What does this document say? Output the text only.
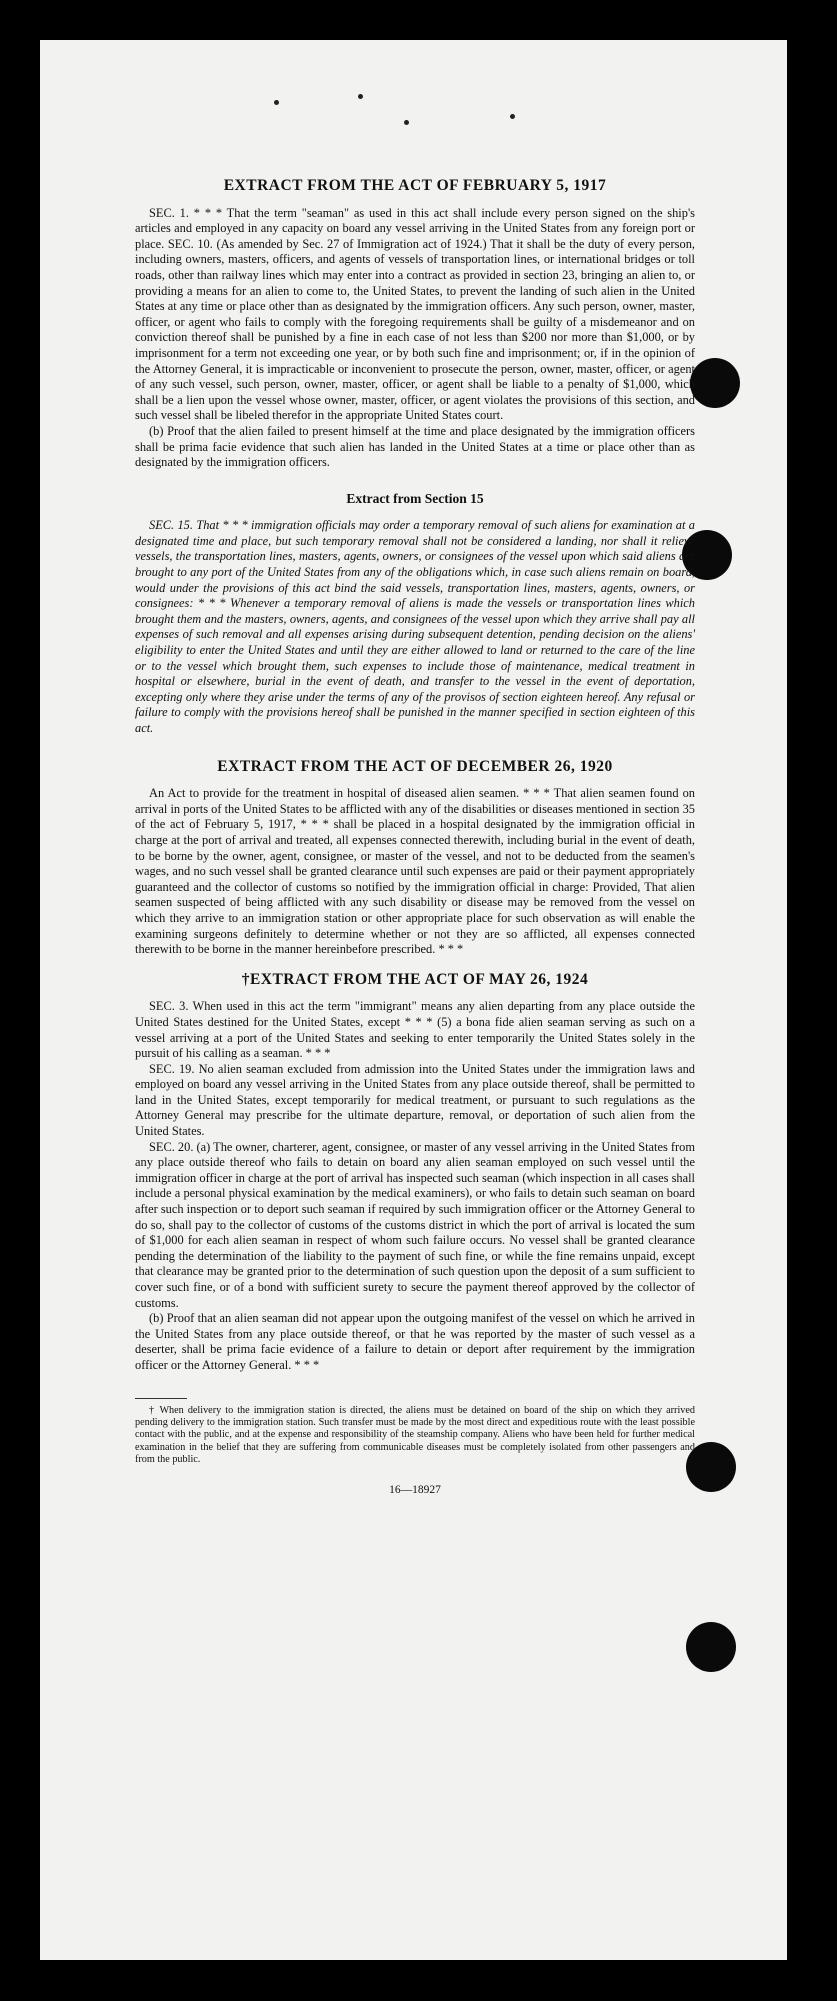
EXTRACT FROM THE ACT OF FEBRUARY 5, 1917

SEC. 1. * * * That the term "seaman" as used in this act shall include every person signed on the ship's articles and employed in any capacity on board any vessel arriving in the United States from any foreign port or place. SEC. 10. (As amended by Sec. 27 of Immigration act of 1924.) That it shall be the duty of every person, including owners, masters, officers, and agents of vessels of transportation lines, or international bridges or toll roads, other than railway lines which may enter into a contract as provided in section 23, bringing an alien to, or providing a means for an alien to come to, the United States, to prevent the landing of such alien in the United States at any time or place other than as designated by the immigration officers. Any such person, owner, master, officer, or agent who fails to comply with the foregoing requirements shall be guilty of a misdemeanor and on conviction thereof shall be punished by a fine in each case of not less than $200 nor more than $1,000, or by imprisonment for a term not exceeding one year, or by both such fine and imprisonment; or, if in the opinion of the Attorney General, it is impracticable or inconvenient to prosecute the person, owner, master, officer, or agent of any such vessel, such person, owner, master, officer, or agent shall be liable to a penalty of $1,000, which shall be a lien upon the vessel whose owner, master, officer, or agent violates the provisions of this section, and such vessel shall be libeled therefor in the appropriate United States court.

(b) Proof that the alien failed to present himself at the time and place designated by the immigration officers shall be prima facie evidence that such alien has landed in the United States at a time or place other than as designated by the immigration officers.

Extract from Section 15

SEC. 15. That * * * immigration officials may order a temporary removal of such aliens for examination at a designated time and place, but such temporary removal shall not be considered a landing, nor shall it relieve vessels, the transportation lines, masters, agents, owners, or consignees of the vessel upon which said aliens are brought to any port of the United States from any of the obligations which, in case such aliens remain on board, would under the provisions of this act bind the said vessels, transportation lines, masters, agents, owners, or consignees: * * * Whenever a temporary removal of aliens is made the vessels or transportation lines which brought them and the masters, owners, agents, and consignees of the vessel upon which they arrive shall pay all expenses of such removal and all expenses arising during subsequent detention, pending decision on the aliens' eligibility to enter the United States and until they are either allowed to land or returned to the care of the line or to the vessel which brought them, such expenses to include those of maintenance, medical treatment in hospital or elsewhere, burial in the event of death, and transfer to the vessel in the event of deportation, excepting only where they arise under the terms of any of the provisos of section eighteen hereof. Any refusal or failure to comply with the provisions hereof shall be punished in the manner specified in section eighteen of this act.

EXTRACT FROM THE ACT OF DECEMBER 26, 1920

An Act to provide for the treatment in hospital of diseased alien seamen. * * * That alien seamen found on arrival in ports of the United States to be afflicted with any of the disabilities or diseases mentioned in section 35 of the act of February 5, 1917, * * * shall be placed in a hospital designated by the immigration official in charge at the port of arrival and treated, all expenses connected therewith, including burial in the event of death, to be borne by the owner, agent, consignee, or master of the vessel, and not to be deducted from the seamen's wages, and no such vessel shall be granted clearance until such expenses are paid or their payment appropriately guaranteed and the collector of customs so notified by the immigration official in charge: Provided, That alien seamen suspected of being afflicted with any such disability or disease may be removed from the vessel on which they arrive to an immigration station or other appropriate place for such observation as will enable the examining surgeons definitely to determine whether or not they are so afflicted, all expenses connected therewith to be borne in the manner hereinbefore prescribed. * * *

†EXTRACT FROM THE ACT OF MAY 26, 1924

SEC. 3. When used in this act the term "immigrant" means any alien departing from any place outside the United States destined for the United States, except * * * (5) a bona fide alien seaman serving as such on a vessel arriving at a port of the United States and seeking to enter temporarily the United States solely in the pursuit of his calling as a seaman. * * *

SEC. 19. No alien seaman excluded from admission into the United States under the immigration laws and employed on board any vessel arriving in the United States from any place outside thereof, shall be permitted to land in the United States, except temporarily for medical treatment, or pursuant to such regulations as the Attorney General may prescribe for the ultimate departure, removal, or deportation of such alien from the United States.

SEC. 20. (a) The owner, charterer, agent, consignee, or master of any vessel arriving in the United States from any place outside thereof who fails to detain on board any alien seaman employed on such vessel until the immigration officer in charge at the port of arrival has inspected such seaman (which inspection in all cases shall include a personal physical examination by the medical examiners), or who fails to detain such seaman on board after such inspection or to deport such seaman if required by such immigration officer or the Attorney General to do so, shall pay to the collector of customs of the customs district in which the port of arrival is located the sum of $1,000 for each alien seaman in respect of whom such failure occurs. No vessel shall be granted clearance pending the determination of the liability to the payment of such fine, or while the fine remains unpaid, except that clearance may be granted prior to the determination of such question upon the deposit of a sum sufficient to cover such fine, or of a bond with sufficient surety to secure the payment thereof approved by the collector of customs.

(b) Proof that an alien seaman did not appear upon the outgoing manifest of the vessel on which he arrived in the United States from any place outside thereof, or that he was reported by the master of such vessel as a deserter, shall be prima facie evidence of a failure to detain or deport after requirement by the immigration officer or the Attorney General. * * *

† When delivery to the immigration station is directed, the aliens must be detained on board of the ship on which they arrived pending delivery to the immigration station. Such transfer must be made by the most direct and expeditious route with the least possible contact with the public, and at the expense and responsibility of the steamship company. Aliens who have been held for further medical examination in the belief that they are suffering from communicable diseases must be completely isolated from other passengers and from the public.

16—18927
